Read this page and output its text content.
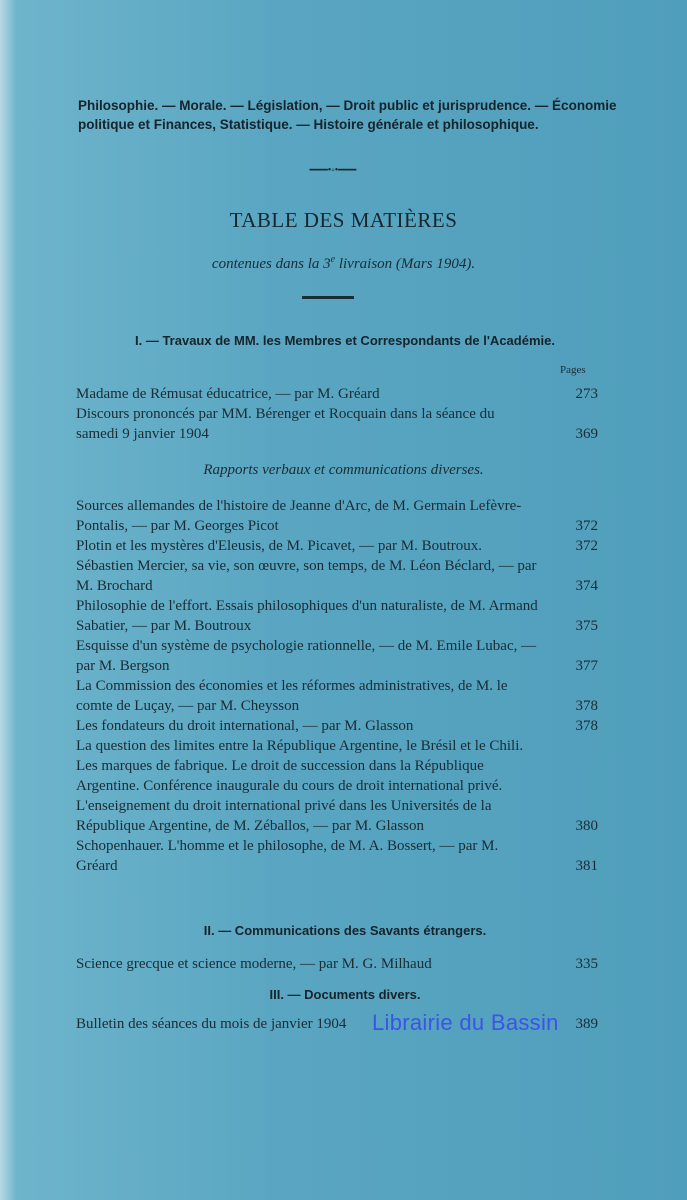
Philosophie. — Morale. — Législation, — Droit public et jurisprudence. — Économie politique et Finances, Statistique. — Histoire générale et philosophique.
━━━•◦•━━━
TABLE DES MATIÈRES
contenues dans la 3e livraison (Mars 1904).
I. — Travaux de MM. les Membres et Correspondants de l'Académie.
Pages
Madame de Rémusat éducatrice, — par M. Gréard	273
Discours prononcés par MM. Bérenger et Rocquain dans la séance du samedi 9 janvier 1904	369
Rapports verbaux et communications diverses.
Sources allemandes de l'histoire de Jeanne d'Arc, de M. Germain Lefèvre-Pontalis, — par M. Georges Picot	372
Plotin et les mystères d'Eleusis, de M. Picavet, — par M. Boutroux.	372
Sébastien Mercier, sa vie, son œuvre, son temps, de M. Léon Béclard, — par M. Brochard	374
Philosophie de l'effort. Essais philosophiques d'un naturaliste, de M. Armand Sabatier, — par M. Boutroux	375
Esquisse d'un système de psychologie rationnelle, — de M. Emile Lubac, — par M. Bergson	377
La Commission des économies et les réformes administratives, de M. le comte de Luçay, — par M. Cheysson	378
Les fondateurs du droit international, — par M. Glasson	378
La question des limites entre la République Argentine, le Brésil et le Chili. Les marques de fabrique. Le droit de succession dans la République Argentine. Conférence inaugurale du cours de droit international privé. L'enseignement du droit international privé dans les Universités de la République Argentine, de M. Zéballos, — par M. Glasson	380
Schopenhauer. L'homme et le philosophe, de M. A. Bossert, — par M. Gréard	381
II. — Communications des Savants étrangers.
Science grecque et science moderne, — par M. G. Milhaud	335
III. — Documents divers.
Bulletin des séances du mois de janvier 1904	389
Librairie du Bassin
